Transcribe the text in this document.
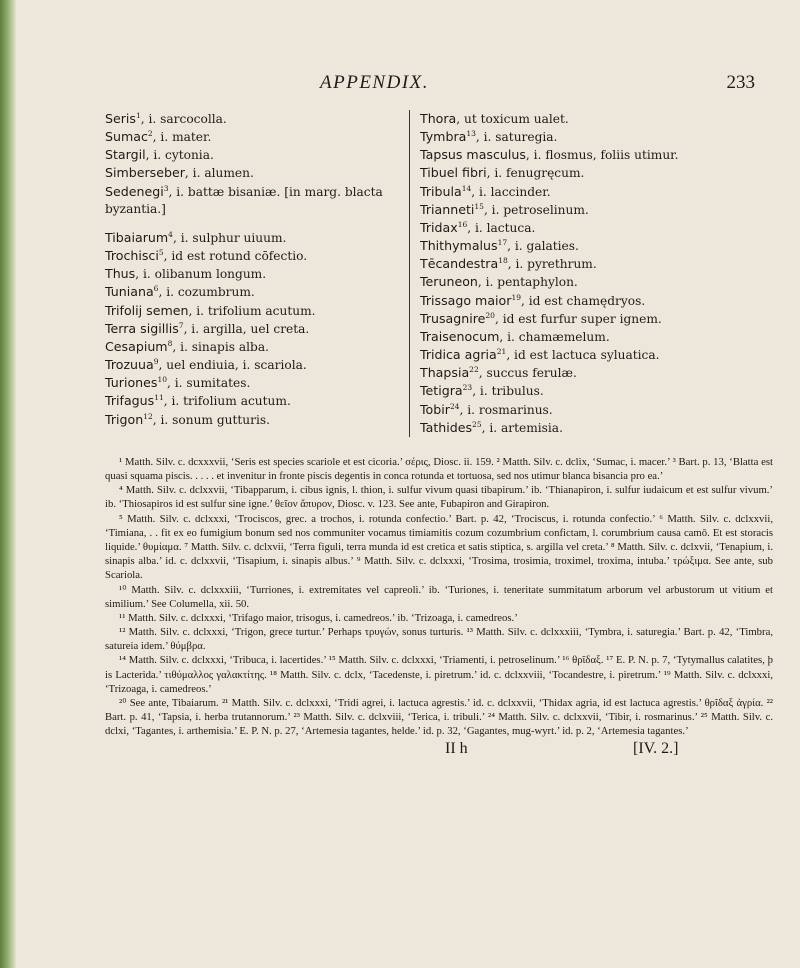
APPENDIX.	233
Seris$^1$, i. sarcocolla.
Sumac$^2$, i. mater.
Stargil, i. cytonia.
Simberseber, i. alumen.
Sedenegi$^3$, i. battæ bisaniæ. [in marg. blacta byzantia.]
Tibaiarum$^4$, i. sulphur uiuum.
Trochisci$^5$, id est rotund cōfectio.
Thus, i. olibanum longum.
Tuniana$^6$, i. cozumbrum.
Trifolij semen, i. trifolium acutum.
Terra sigillis$^7$, i. argilla, uel creta.
Cesapium$^8$, i. sinapis alba.
Trozuua$^9$, uel endiuia, i. scariola.
Turiones$^{10}$, i. sumitates.
Trifagus$^{11}$, i. trifolium acutum.
Trigon$^{12}$, i. sonum gutturis.
Thora, ut toxicum ualet.
Tymbra$^{13}$, i. saturegia.
Tapsus masculus, i. flosmus, foliis utimur.
Tibuel fibri, i. fenugręcum.
Tribula$^{14}$, i. laccinder.
Trianneti$^{15}$, i. petroselinum.
Tridax$^{16}$, i. lactuca.
Thithymalus$^{17}$, i. galaties.
Tēcandestra$^{18}$, i. pyrethrum.
Teruneon, i. pentaphylon.
Trissago maior$^{19}$, id est chamędryos.
Trusagnire$^{20}$, id est furfur super ignem.
Traisenocum, i. chamæmelum.
Tridica agria$^{21}$, id est lactuca syluatica.
Thapsia$^{22}$, succus ferulæ.
Tetigra$^{23}$, i. tribulus.
Tobir$^{24}$, i. rosmarinus.
Tathides$^{25}$, i. artemisia.
¹ Matth. Silv. c. dcxxxvii, ‘Seris est species scariole et est cicoria.’ σέρις, Diosc. ii. 159. ² Matth. Silv. c. dclix, ‘Sumac, i. macer.’ ³ Bart. p. 13, ‘Blatta est quasi squama piscis. . . . . et invenitur in fronte piscis degentis in conca rotunda et tortuosa, sed nos utimur blanca bisancia pro ea.’
⁴ Matth. Silv. c. dclxxvii, ‘Tibapparum, i. cibus ignis, l. thion, i. sulfur vivum quasi tibapirum.’ ib. ‘Thianapiron, i. sulfur iudaicum et est sulfur vivum.’ ib. ‘Thiosapiros id est sulfur sine igne.’ θεῖον ἄπυρον, Diosc. v. 123. See ante, Fubapiron and Girapiron.
⁵ Matth. Silv. c. dclxxxi, ‘Trociscos, grec. a trochos, i. rotunda confectio.’ Bart. p. 42, ‘Trociscus, i. rotunda confectio.’ ⁶ Matth. Silv. c. dclxxvii, ‘Timiana, . . fit ex eo fumigium bonum sed nos communiter vocamus timiamitis cozum cozumbrium confictam, l. corumbrium causa camō. Et est storacis liquide.’ θυμίαμα. ⁷ Matth. Silv. c. dclxvii, ‘Terra figuli, terra munda id est cretica et satis stiptica, s. argilla vel creta.’ ⁸ Matth. Silv. c. dclxvii, ‘Tenapium, i. sinapis alba.’ id. c. dclxxvii, ‘Tisapium, i. sinapis albus.’ ⁹ Matth. Silv. c. dclxxxi, ‘Trosima, trosimia, troximel, troxima, intuba.’ τρώξιμα. See ante, sub Scariola.
¹⁰ Matth. Silv. c. dclxxxiii, ‘Turriones, i. extremitates vel capreoli.’ ib. ‘Turiones, i. teneritate summitatum arborum vel arbustorum ut vitium et similium.’ See Columella, xii. 50.
¹¹ Matth. Silv. c. dclxxxi, ‘Trifago maior, trisogus, i. camedreos.’ ib. ‘Trizoaga, i. camedreos.’
¹² Matth. Silv. c. dclxxxi, ‘Trigon, grece turtur.’ Perhaps τρυγών, sonus turturis. ¹³ Matth. Silv. c. dclxxxiii, ‘Tymbra, i. saturegia.’ Bart. p. 42, ‘Timbra, satureia idem.’ θύμβρα.
¹⁴ Matth. Silv. c. dclxxxi, ‘Tribuca, i. lacertides.’ ¹⁵ Matth. Silv. c. dclxxxi, ‘Triamenti, i. petroselinum.’ ¹⁶ θρῖδαξ. ¹⁷ E. P. N. p. 7, ‘Tytymallus calatites, þ is Lacterida.’ τιθύμαλλος γαλακτίτης. ¹⁸ Matth. Silv. c. dclx, ‘Tacedenste, i. piretrum.’ id. c. dclxxviii, ‘Tocandestre, i. piretrum.’ ¹⁹ Matth. Silv. c. dclxxxi, ‘Trizoaga, i. camedreos.’
²⁰ See ante, Tibaiarum. ²¹ Matth. Silv. c. dclxxxi, ‘Tridi agrei, i. lactuca agrestis.’ id. c. dclxxvii, ‘Thidax agria, id est lactuca agrestis.’ θρῖδαξ ἀγρία. ²² Bart. p. 41, ‘Tapsia, i. herba trutannorum.’ ²³ Matth. Silv. c. dclxviii, ‘Terica, i. tribuli.’ ²⁴ Matth. Silv. c. dclxxvii, ‘Tibir, i. rosmarinus.’ ²⁵ Matth. Silv. c. dclxi, ‘Tagantes, i. arthemisia.’ E. P. N. p. 27, ‘Artemesia tagantes, helde.’ id. p. 32, ‘Gagantes, mug-wyrt.’ id. p. 2, ‘Artemesia tagantes.’
II h	[IV. 2.]
